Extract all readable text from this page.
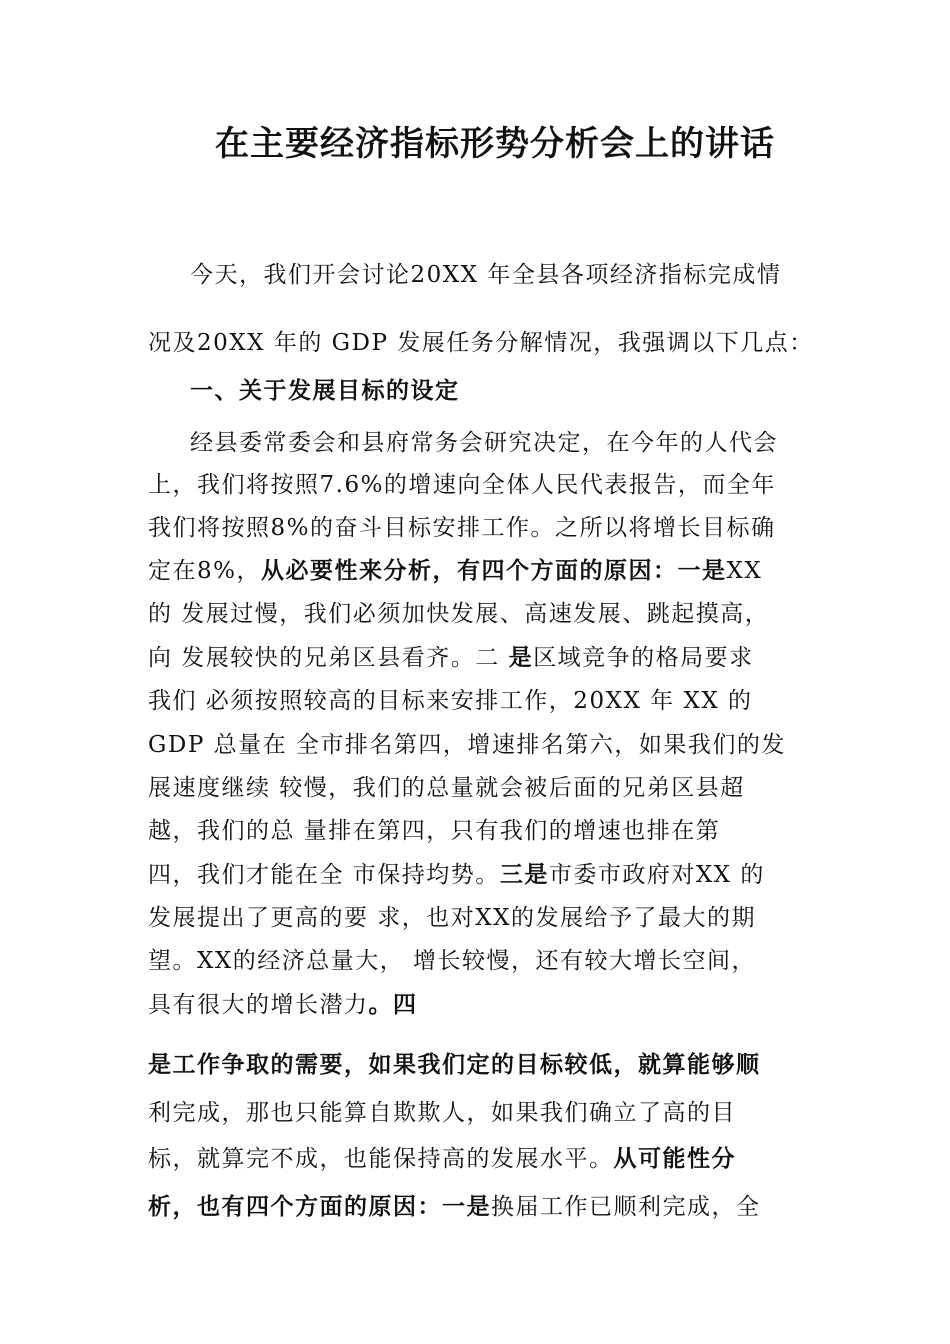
在主要经济指标形势分析会上的讲话
今天，我们开会讨论20XX 年全县各项经济指标完成情
况及20XX 年的 GDP 发展任务分解情况，我强调以下几点：
一、关于发展目标的设定
经县委常委会和县府常务会研究决定，在今年的人代会
上，我们将按照7.6%的增速向全体人民代表报告，而全年
我们将按照8%的奋斗目标安排工作。之所以将增长目标确
定在8%，从必要性来分析，有四个方面的原因：一是XX
的 发展过慢，我们必须加快发展、高速发展、跳起摸高，
向 发展较快的兄弟区县看齐。二 是区域竞争的格局要求
我们 必须按照较高的目标来安排工作，20XX 年 XX 的
GDP 总量在 全市排名第四，增速排名第六，如果我们的发
展速度继续 较慢，我们的总量就会被后面的兄弟区县超
越，我们的总 量排在第四，只有我们的增速也排在第
四，我们才能在全 市保持均势。三是市委市政府对XX 的
发展提出了更高的要 求，也对XX的发展给予了最大的期
望。XX的经济总量大， 增长较慢，还有较大增长空间，
具有很大的增长潜力。四
是工作争取的需要，如果我们定的目标较低，就算能够顺
利完成，那也只能算自欺欺人，如果我们确立了高的目
标，就算完不成，也能保持高的发展水平。从可能性分
析，也有四个方面的原因：一是换届工作已顺利完成，全
